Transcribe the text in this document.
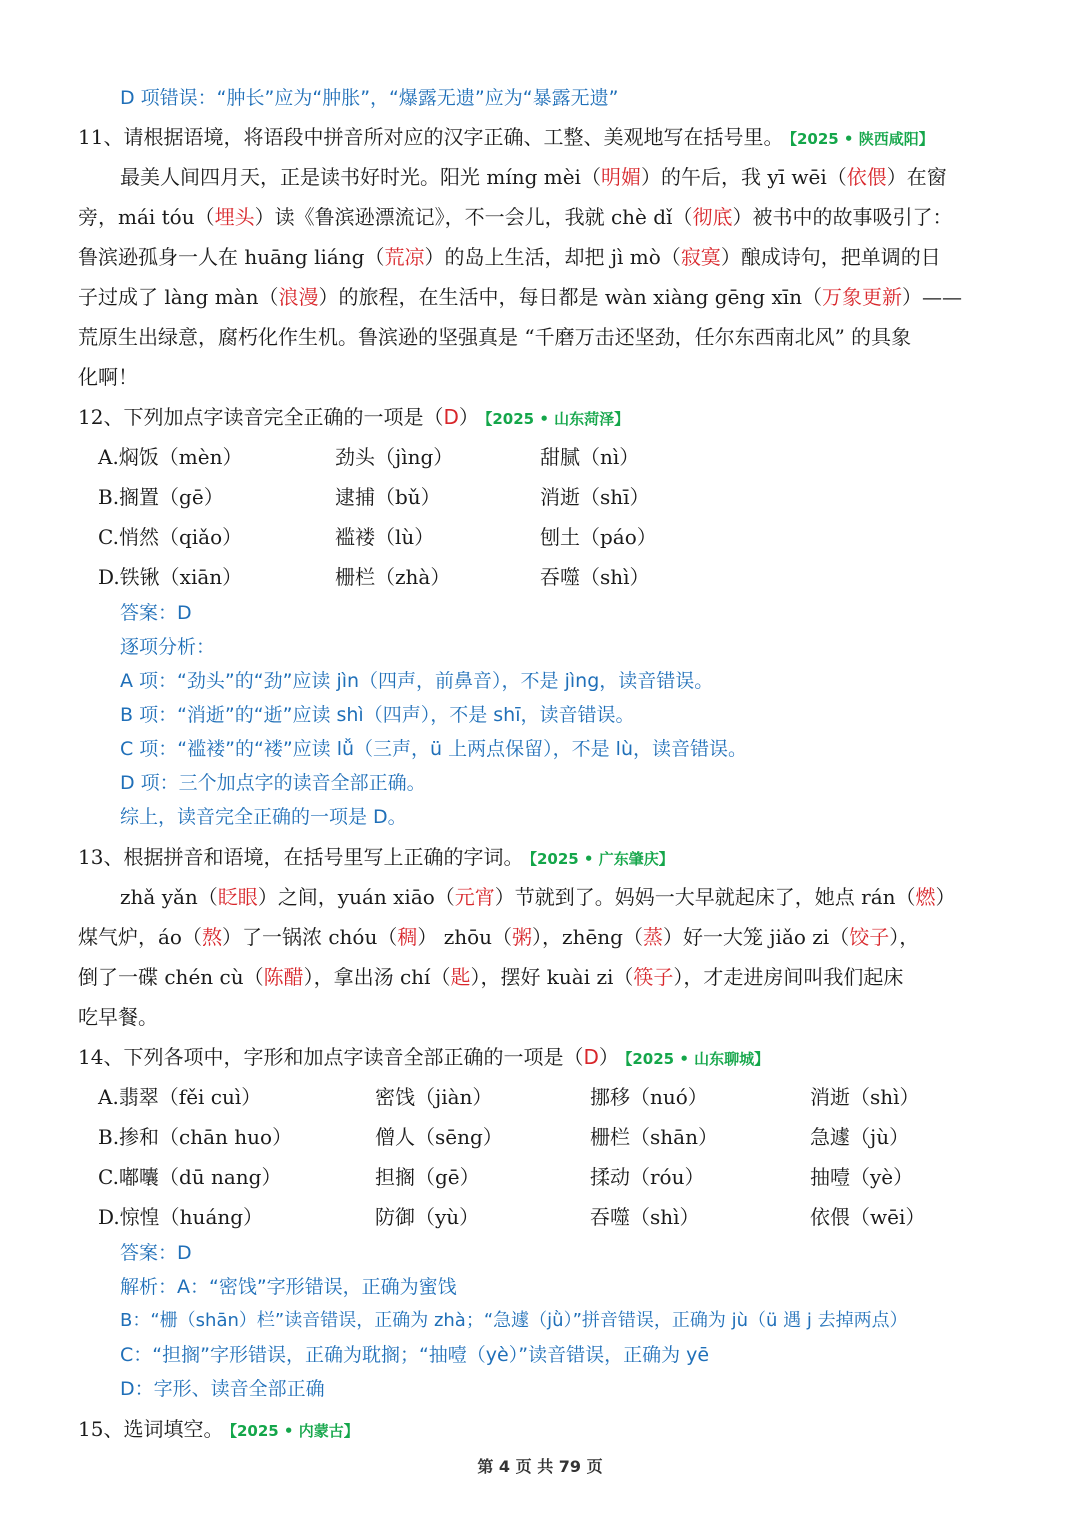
D 项错误：“肿长”应为“肿胀”，“爆露无遗”应为“暴露无遗”
11、请根据语境，将语段中拼音所对应的汉字正确、工整、美观地写在括号里。 【2025 • 陕西咸阳】
最美人间四月天，正是读书好时光。阳光 míng mèi（明媚）的午后，我 yī wēi（依偎）在窗
旁，mái tóu（埋头）读《鲁滨逊漂流记》，不一会儿，我就 chè dǐ（彻底）被书中的故事吸引了：
鲁滨逊孤身一人在 huāng liáng（荒凉）的岛上生活，却把 jì mò（寂寞）酿成诗句，把单调的日
子过成了 làng màn（浪漫）的旅程，在生活中，每日都是 wàn xiàng gēng xīn（万象更新）——
荒原生出绿意，腐朽化作生机。鲁滨逊的坚强真是 “千磨万击还坚劲，任尔东西南北风” 的具象
化啊！
12、下列加点字读音完全正确的一项是（D） 【2025 • 山东菏泽】
A.焖饭（mèn）	劲头（jìng）	甜腻（nì）
B.搁置（gē）	逮捕（bǔ）	消逝（shī）
C.悄然（qiǎo）	褴褛（lù）	刨土（páo）
D.铁锹（xiān）	栅栏（zhà）	吞噬（shì）
答案：D
逐项分析：
A 项：“劲头”的“劲”应读 jìn（四声，前鼻音），不是 jìng，读音错误。
B 项：“消逝”的“逝”应读 shì（四声），不是 shī，读音错误。
C 项：“褴褛”的“褛”应读 lǚ（三声，ü 上两点保留），不是 lù，读音错误。
D 项：三个加点字的读音全部正确。
综上，读音完全正确的一项是 D。
13、根据拼音和语境，在括号里写上正确的字词。 【2025 • 广东肇庆】
zhǎ yǎn（眨眼）之间，yuán xiāo（元宵）节就到了。妈妈一大早就起床了，她点 rán（燃）
煤气炉，áo（熬）了一锅浓 chóu（稠） zhōu（粥），zhēng（蒸）好一大笼 jiǎo zi（饺子），
倒了一碟 chén cù（陈醋），拿出汤 chí（匙），摆好 kuài zi（筷子），才走进房间叫我们起床
吃早餐。
14、下列各项中，字形和加点字读音全部正确的一项是（D） 【2025 • 山东聊城】
A.翡翠（fěi cuì）	密饯（jiàn）	挪移（nuó）	消逝（shì）
B.掺和（chān huo）	僧人（sēng）	栅栏（shān）	急遽（jù）
C.嘟囔（dū nang）	担搁（gē）	揉动（róu）	抽噎（yè）
D.惊惶（huáng）	防御（yù）	吞噬（shì）	依偎（wēi）
答案：D
解析：A：“密饯”字形错误，正确为蜜饯
B：“栅（shān）栏”读音错误，正确为 zhà；“急遽（jǜ）”拼音错误，正确为 jù（ü 遇 j 去掉两点）
C：“担搁”字形错误，正确为耽搁；“抽噎（yè）”读音错误，正确为 yē
D：字形、读音全部正确
15、选词填空。 【2025 • 内蒙古】
第 4 页 共 79 页
